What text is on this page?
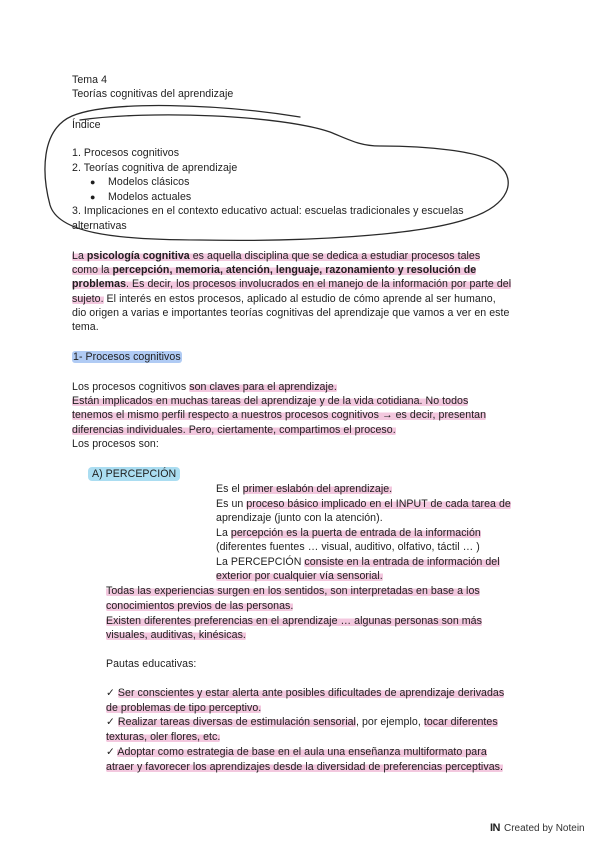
Tema 4
Teorías cognitivas del aprendizaje
Índice
1. Procesos cognitivos
2. Teorías cognitiva de aprendizaje
● Modelos clásicos
● Modelos actuales
3. Implicaciones en el contexto educativo actual: escuelas tradicionales y escuelas
alternativas
La psicología cognitiva es aquella disciplina que se dedica a estudiar procesos tales
como la percepción, memoria, atención, lenguaje, razonamiento y resolución de
problemas. Es decir, los procesos involucrados en el manejo de la información por parte del
sujeto. El interés en estos procesos, aplicado al estudio de cómo aprende al ser humano,
dio origen a varias e importantes teorías cognitivas del aprendizaje que vamos a ver en este
tema.
1- Procesos cognitivos
Los procesos cognitivos son claves para el aprendizaje.
Están implicados en muchas tareas del aprendizaje y de la vida cotidiana. No todos
tenemos el mismo perfil respecto a nuestros procesos cognitivos → es decir, presentan
diferencias individuales. Pero, ciertamente, compartimos el proceso.
Los procesos son:
A) PERCEPCIÓN
Es el primer eslabón del aprendizaje.
Es un proceso básico implicado en el INPUT de cada tarea de
aprendizaje (junto con la atención).
La percepción es la puerta de entrada de la información
(diferentes fuentes … visual, auditivo, olfativo, táctil … )
La PERCEPCIÓN consiste en la entrada de información del
exterior por cualquier vía sensorial.
Todas las experiencias surgen en los sentidos, son interpretadas en base a los
conocimientos previos de las personas.
Existen diferentes preferencias en el aprendizaje … algunas personas son más
visuales, auditivas, kinésicas.
Pautas educativas:
✓ Ser conscientes y estar alerta ante posibles dificultades de aprendizaje derivadas
de problemas de tipo perceptivo.
✓ Realizar tareas diversas de estimulación sensorial, por ejemplo, tocar diferentes
texturas, oler flores, etc.
✓ Adoptar como estrategia de base en el aula una enseñanza multiformato para
atraer y favorecer los aprendizajes desde la diversidad de preferencias perceptivas.
IN Created by Notein
